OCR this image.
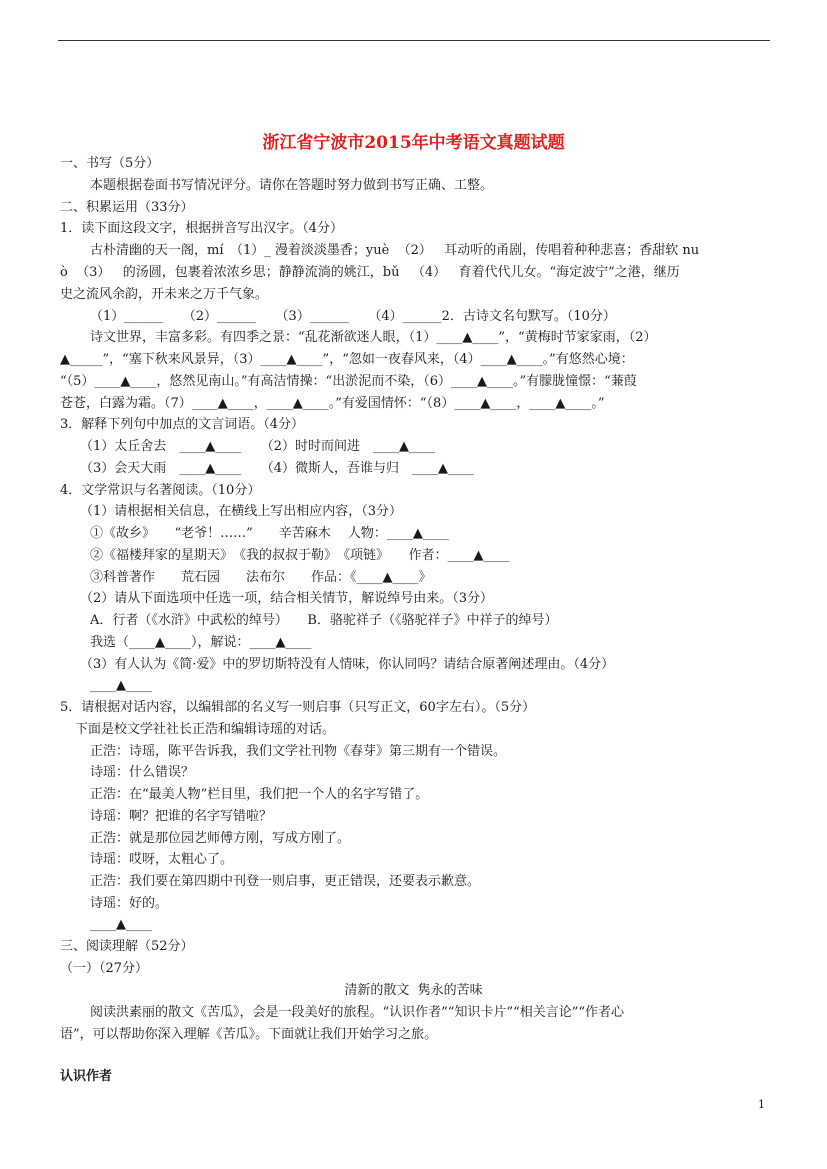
浙江省宁波市2015年中考语文真题试题
一、书写（5分）
本题根据卷面书写情况评分。请你在答题时努力做到书写正确、工整。
二、积累运用（33分）
1．读下面这段文字，根据拼音写出汉字。（4分）
古朴清幽的天一阁，mí　（1）_ 漫着淡淡墨香；yuè  （2）   耳动听的甬剧，传唱着种种悲喜；香甜软 nu
ò  （3）   的汤圆，包裹着浓浓乡思；静静流淌的姚江，bǔ   （4）   育着代代儿女。“海定波宁”之港，继历
史之流风余韵，开未来之万千气象。
（1）______　　（2）______　　（3）______　　（4）______2．古诗文名句默写。（10分）
诗文世界，丰富多彩。有四季之景：“乱花渐欲迷人眼，（1）____▲____”，“黄梅时节家家雨，（2）
▲_____”，“塞下秋来风景异，（3）____▲____”，“忽如一夜春风来，（4）____▲____。”有悠然心境：
“（5）____▲____，悠然见南山。”有高洁情操：“出淤泥而不染，（6）____▲____。”有朦胧憧憬：“蒹葭
苍苍，白露为霜。（7）____▲____，____▲____。”有爱国情怀：“（8）____▲____，____▲____。”
3．解释下列句中加点的文言词语。（4分）
（1）太丘舍去　____▲____　　（2）时时而间进　____▲____
（3）会天大雨　____▲____　　（4）微斯人，吾谁与归　____▲____
4．文学常识与名著阅读。（10分）
（1）请根据相关信息，在横线上写出相应内容，（3分）
①《故乡》　　“老爷！……”　　辛苦麻木　 人物：____▲____
②《福楼拜家的星期天》　《我的叔叔于勒》　《项链》　　作者：____▲____
③科普著作　　荒石园　　法布尔　　作品：《____▲____》
（2）请从下面选项中任选一项，结合相关情节，解说绰号由来。（3分）
A．行者（《水浒》中武松的绰号）　　B．骆驼祥子（《骆驼祥子》中祥子的绰号）
我选（____▲____），解说：____▲____
（3）有人认为《简·爱》中的罗切斯特没有人情味，你认同吗？请结合原著阐述理由。（4分）
____▲____
5．请根据对话内容，以编辑部的名义写一则启事（只写正文，60字左右）。（5分）
下面是校文学社社长正浩和编辑诗瑶的对话。
正浩：诗瑶，陈平告诉我，我们文学社刊物《春芽》第三期有一个错误。
诗瑶：什么错误？
正浩：在“最美人物”栏目里，我们把一个人的名字写错了。
诗瑶：啊？把谁的名字写错啦？
正浩：就是那位园艺师傅方刚，写成方刚了。
诗瑶：哎呀，太粗心了。
正浩：我们要在第四期中刊登一则启事，更正错误，还要表示歉意。
诗瑶：好的。
____▲____
三、阅读理解（52分）
（一）（27分）
清新的散文  隽永的苦味
阅读洪素丽的散文《苦瓜》，会是一段美好的旅程。“认识作者”“知识卡片”“相关言论”“作者心
语”，可以帮助你深入理解《苦瓜》。下面就让我们开始学习之旅。
认识作者
1
